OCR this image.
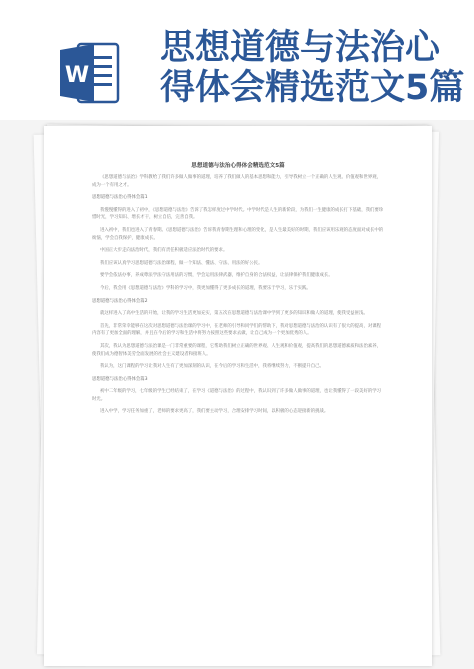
W
思想道德与法治心
得体会精选范文5篇
思想道德与法治心得体会精选范文5篇
《思想道德与法治》学科教给了我们许多做人做事的道理，培养了我们做人的基本思想和能力，引导我树立一个正确的人生观、价值观和世界观，成为一个有用之才。
思想道德与法治心得体会篇1
我慢慢懂得的进入了初中，《思想道德与法治》告诉了我怎样度过中学时代。中学时代是人生的新阶段，为我们一生健康的成长打下基础，我们要珍惜时光，学习知识、增长才干，树立自信，完善自我。
进入初中，我们也进入了青春期。《思想道德与法治》告诉我青春期生理和心理的变化，是人生最美好的时期，我们应该用乐观的态度面对成长中的烦恼，学会自我保护，健康成长。
中国正大步走向法治时代，我们有责任积极适应法治时代的要求。
我们应该认真学习思想道德与法治课程，做一个知法、懂法、守法、用法的好公民。
要学会依法办事，养成尊法学法守法用法的习惯，学会运用法律武器，维护自身的合法权益，让法律保护我们健康成长。
今后，我会用《思想道德与法治》学科的学习中，我更加懂得了更多成长的道理，我要乐于学习，乐于实践。
思想道德与法治心得体会篇2
就这样进入了高中生活的开始，让我的学习生活更加充实，第五次在思想道德与法治课中学到了更多的知识和做人的道理，使我受益匪浅。
首先，非常荣幸能够在这次对思想道德与法治课的学习中，在老师的引导和同学们的帮助下，我对思想道德与法治的认识有了很大的提高，对课程内容有了更加全面的理解，并且在今后的学习和生活中将努力按照这些要求去做，让自己成为一个更加优秀的人。
其次，我认为思想道德与法治课是一门非常重要的课程，它帮助我们树立正确的世界观、人生观和价值观，提高我们的思想道德素质和法治素养，使我们成为德智体美劳全面发展的社会主义建设者和接班人。
我认为，这门课程的学习让我对人生有了更加深刻的认识，在今后的学习和生活中，我将继续努力，不断提升自己。
思想道德与法治心得体会篇3
初中二年级的学习，七年级的学生已经结束了，在学习《道德与法治》的过程中，我认识到了许多做人做事的道理，也让我懂得了一段美好的学习时光。
进入中学，学习任务加重了，老师的要求更高了，我们要主动学习，合理安排学习时间，以积极的心态迎接新的挑战。
